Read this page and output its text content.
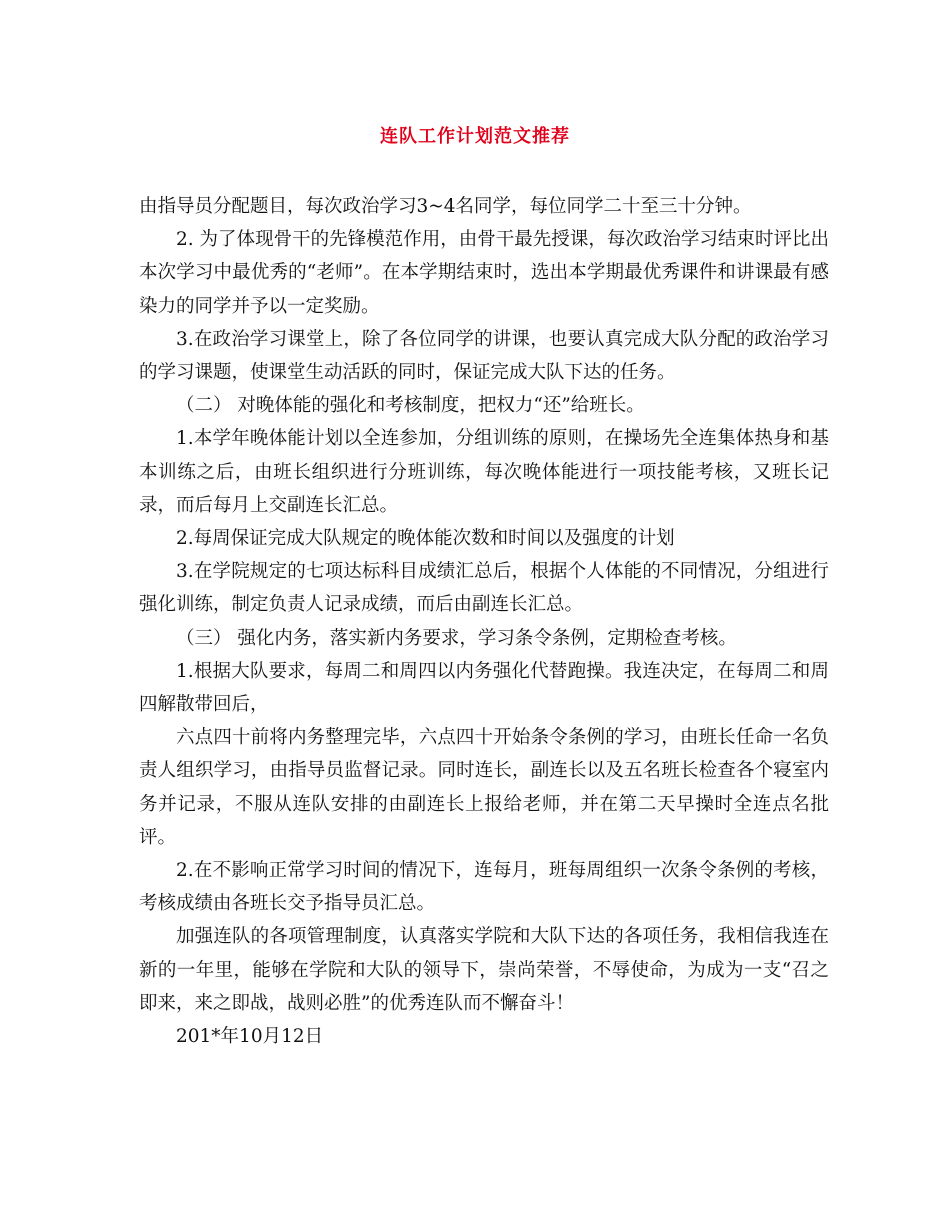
连队工作计划范文推荐

由指导员分配题目，每次政治学习3~4名同学，每位同学二十至三十分钟。

2. 为了体现骨干的先锋模范作用，由骨干最先授课，每次政治学习结束时评比出本次学习中最优秀的“老师”。在本学期结束时，选出本学期最优秀课件和讲课最有感染力的同学并予以一定奖励。

3.在政治学习课堂上，除了各位同学的讲课，也要认真完成大队分配的政治学习的学习课题，使课堂生动活跃的同时，保证完成大队下达的任务。

（二） 对晚体能的强化和考核制度，把权力“还”给班长。

1.本学年晚体能计划以全连参加，分组训练的原则，在操场先全连集体热身和基本训练之后，由班长组织进行分班训练，每次晚体能进行一项技能考核，又班长记录，而后每月上交副连长汇总。

2.每周保证完成大队规定的晚体能次数和时间以及强度的计划

3.在学院规定的七项达标科目成绩汇总后，根据个人体能的不同情况，分组进行强化训练，制定负责人记录成绩，而后由副连长汇总。

（三） 强化内务，落实新内务要求，学习条令条例，定期检查考核。

1.根据大队要求，每周二和周四以内务强化代替跑操。我连决定，在每周二和周四解散带回后，

六点四十前将内务整理完毕，六点四十开始条令条例的学习，由班长任命一名负责人组织学习，由指导员监督记录。同时连长，副连长以及五名班长检查各个寝室内务并记录，不服从连队安排的由副连长上报给老师，并在第二天早操时全连点名批评。

2.在不影响正常学习时间的情况下，连每月，班每周组织一次条令条例的考核，考核成绩由各班长交予指导员汇总。

加强连队的各项管理制度，认真落实学院和大队下达的各项任务，我相信我连在新的一年里，能够在学院和大队的领导下，崇尚荣誉，不辱使命，为成为一支“召之即来，来之即战，战则必胜”的优秀连队而不懈奋斗！

201*年10月12日
